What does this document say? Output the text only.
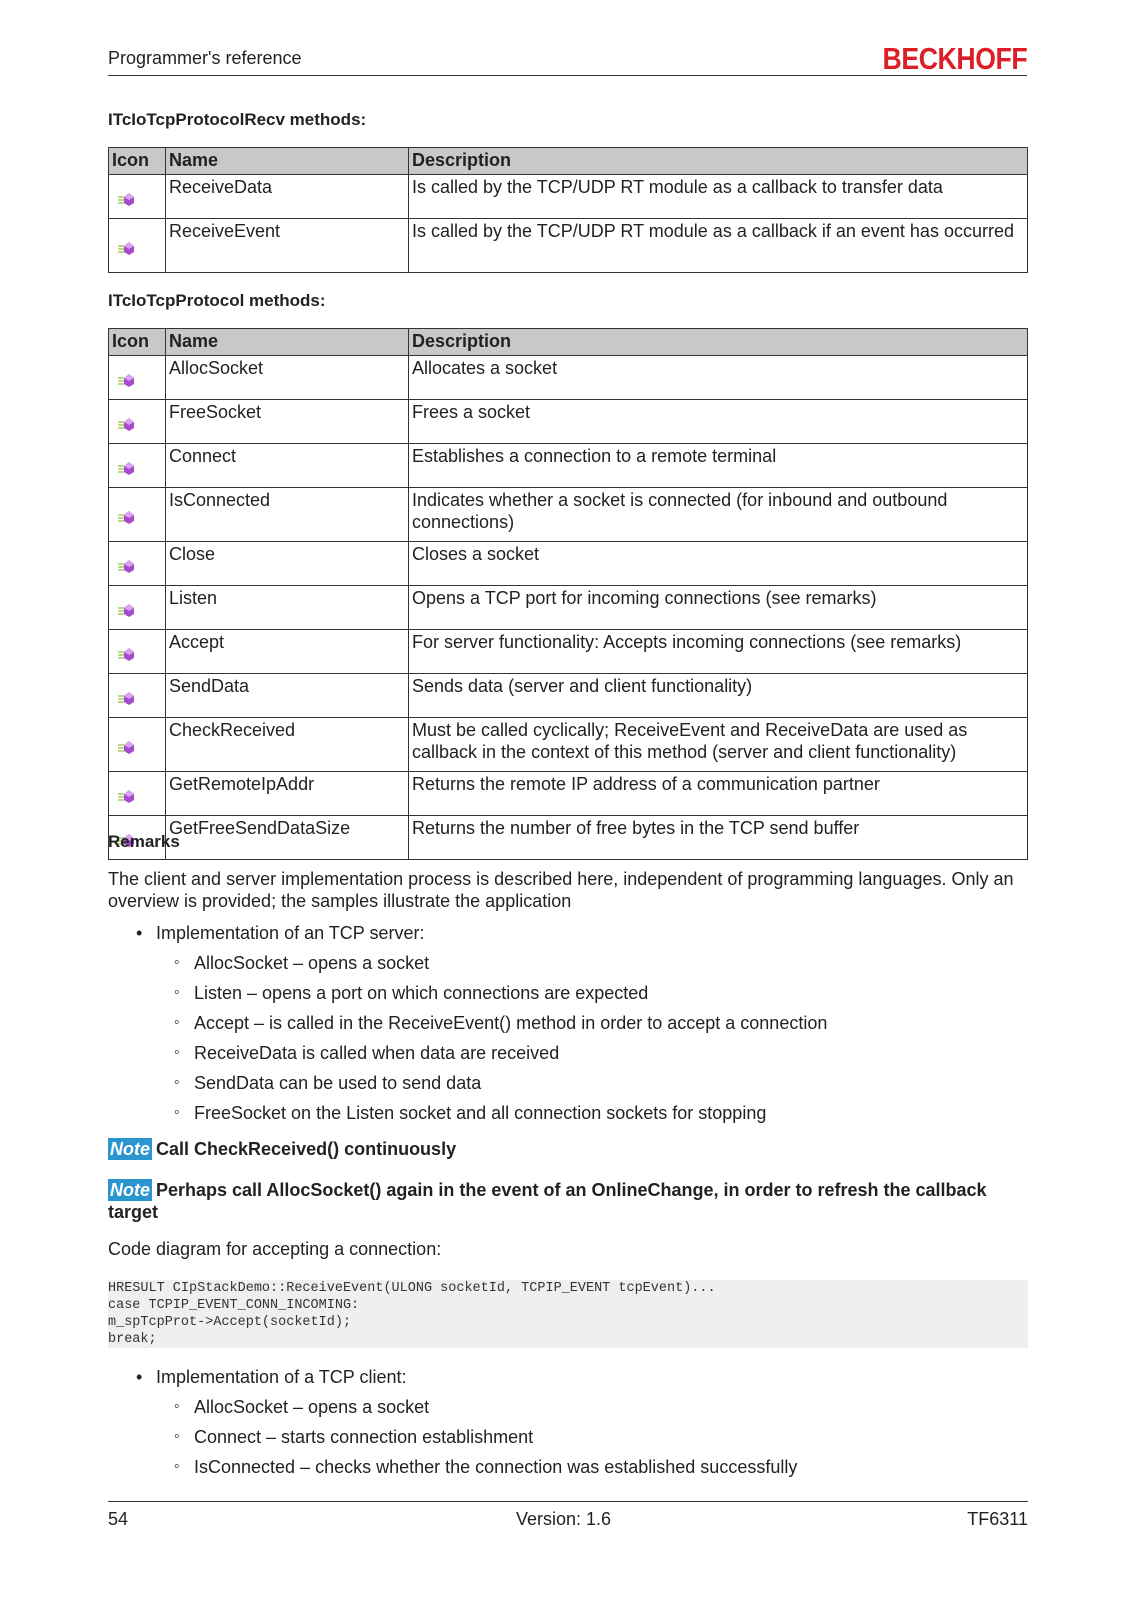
Programmer's reference	BECKHOFF
ITcIoTcpProtocolRecv methods:
Icon	Name	Description
	ReceiveData	Is called by the TCP/UDP RT module as a callback to transfer data
	ReceiveEvent	Is called by the TCP/UDP RT module as a callback if an event has occurred
ITcIoTcpProtocol methods:
Icon	Name	Description
	AllocSocket	Allocates a socket
	FreeSocket	Frees a socket
	Connect	Establishes a connection to a remote terminal
	IsConnected	Indicates whether a socket is connected (for inbound and outbound connections)
	Close	Closes a socket
	Listen	Opens a TCP port for incoming connections (see remarks)
	Accept	For server functionality: Accepts incoming connections (see remarks)
	SendData	Sends data (server and client functionality)
	CheckReceived	Must be called cyclically; ReceiveEvent and ReceiveData are used as callback in the context of this method (server and client functionality)
	GetRemoteIpAddr	Returns the remote IP address of a communication partner
	GetFreeSendDataSize	Returns the number of free bytes in the TCP send buffer
Remarks
The client and server implementation process is described here, independent of programming languages. Only an overview is provided; the samples illustrate the application
• Implementation of an TCP server:
◦ AllocSocket – opens a socket
◦ Listen – opens a port on which connections are expected
◦ Accept – is called in the ReceiveEvent() method in order to accept a connection
◦ ReceiveData is called when data are received
◦ SendData can be used to send data
◦ FreeSocket on the Listen socket and all connection sockets for stopping
Note Call CheckReceived() continuously
Note Perhaps call AllocSocket() again in the event of an OnlineChange, in order to refresh the callback target
Code diagram for accepting a connection:
HRESULT CIpStackDemo::ReceiveEvent(ULONG socketId, TCPIP_EVENT tcpEvent)...
case TCPIP_EVENT_CONN_INCOMING:
m_spTcpProt->Accept(socketId);
break;
• Implementation of a TCP client:
◦ AllocSocket – opens a socket
◦ Connect – starts connection establishment
◦ IsConnected – checks whether the connection was established successfully
54	Version: 1.6	TF6311
